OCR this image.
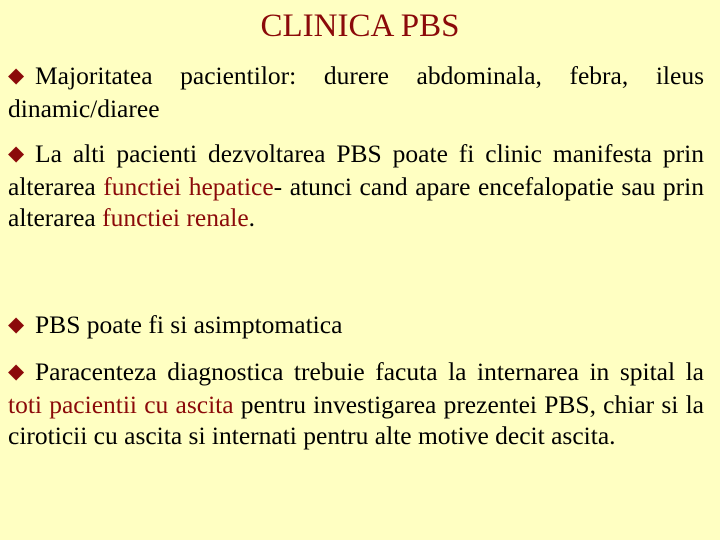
CLINICA PBS

◆ Majoritatea pacientilor: durere abdominala, febra, ileus dinamic/diaree

◆ La alti pacienti dezvoltarea PBS poate fi clinic manifesta prin alterarea functiei hepatice- atunci cand apare encefalopatie sau prin alterarea functiei renale.

◆ PBS poate fi si asimptomatica

◆ Paracenteza diagnostica trebuie facuta la internarea in spital la toti pacientii cu ascita pentru investigarea prezentei PBS, chiar si la ciroticii cu ascita si internati pentru alte motive decit ascita.
